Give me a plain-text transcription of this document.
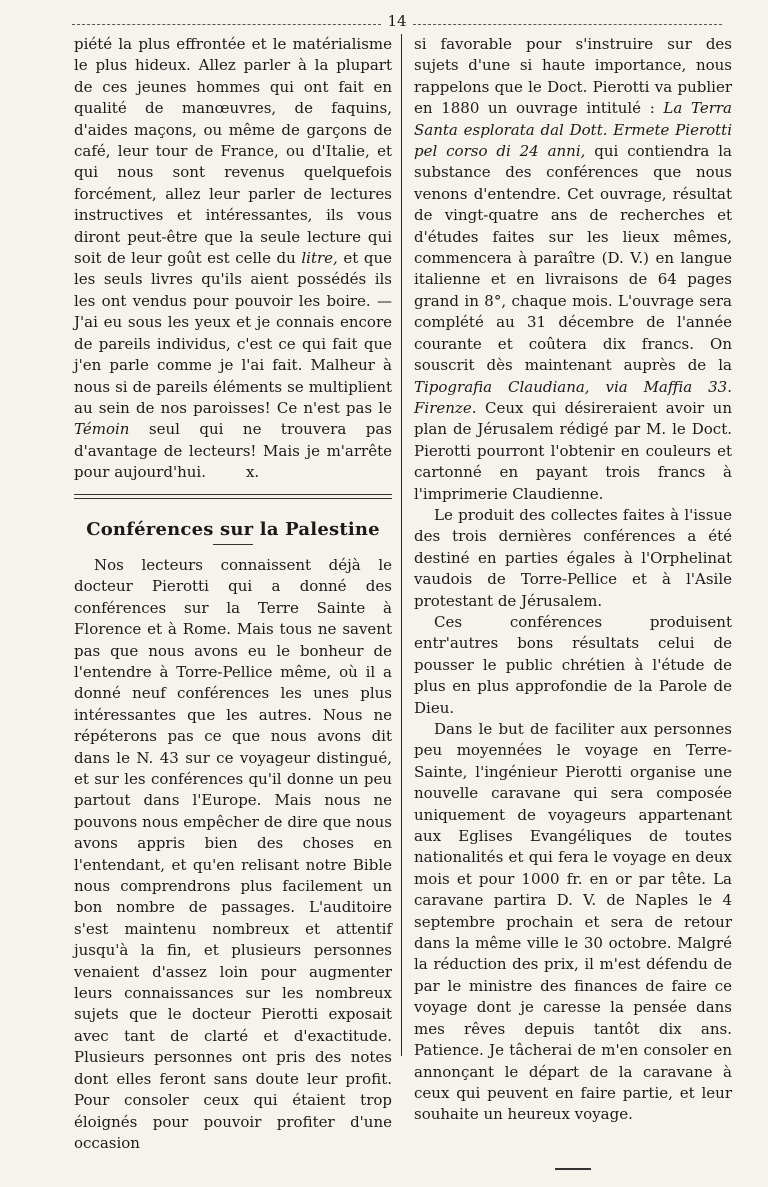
14

piété la plus effrontée et le matérialisme le plus hideux. Allez parler à la plupart de ces jeunes hommes qui ont fait en qualité de manœuvres, de faquins, d'aides maçons, ou même de garçons de café, leur tour de France, ou d'Italie, et qui nous sont revenus quelquefois forcément, allez leur parler de lectures instructives et intéressantes, ils vous diront peut-être que la seule lecture qui soit de leur goût est celle du litre, et que les seuls livres qu'ils aient possédés ils les ont vendus pour pouvoir les boire. — J'ai eu sous les yeux et je connais encore de pareils individus, c'est ce qui fait que j'en parle comme je l'ai fait. Malheur à nous si de pareils éléments se multiplient au sein de nos paroisses! Ce n'est pas le Témoin seul qui ne trouvera pas d'avantage de lecteurs! Mais je m'arrête pour aujourd'hui.	x.

Conférences sur la Palestine

Nos lecteurs connaissent déjà le docteur Pierotti qui a donné des conférences sur la Terre Sainte à Florence et à Rome. Mais tous ne savent pas que nous avons eu le bonheur de l'entendre à Torre-Pellice même, où il a donné neuf conférences les unes plus intéressantes que les autres. Nous ne répéterons pas ce que nous avons dit dans le N. 43 sur ce voyageur distingué, et sur les conférences qu'il donne un peu partout dans l'Europe. Mais nous ne pouvons nous empêcher de dire que nous avons appris bien des choses en l'entendant, et qu'en relisant notre Bible nous comprendrons plus facilement un bon nombre de passages. L'auditoire s'est maintenu nombreux et attentif jusqu'à la fin, et plusieurs personnes venaient d'assez loin pour augmenter leurs connaissances sur les nombreux sujets que le docteur Pierotti exposait avec tant de clarté et d'exactitude. Plusieurs personnes ont pris des notes dont elles feront sans doute leur profit. Pour consoler ceux qui étaient trop éloignés pour pouvoir profiter d'une occasion

si favorable pour s'instruire sur des sujets d'une si haute importance, nous rappelons que le Doct. Pierotti va publier en 1880 un ouvrage intitulé : La Terra Santa esplorata dal Dott. Ermete Pierotti pel corso di 24 anni, qui contiendra la substance des conférences que nous venons d'entendre. Cet ouvrage, résultat de vingt-quatre ans de recherches et d'études faites sur les lieux mêmes, commencera à paraître (D. V.) en langue italienne et en livraisons de 64 pages grand in 8°, chaque mois. L'ouvrage sera complété au 31 décembre de l'année courante et coûtera dix francs. On souscrit dès maintenant auprès de la Tipografia Claudiana, via Maffia 33. Firenze. Ceux qui désireraient avoir un plan de Jérusalem rédigé par M. le Doct. Pierotti pourront l'obtenir en couleurs et cartonné en payant trois francs à l'imprimerie Claudienne.

Le produit des collectes faites à l'issue des trois dernières conférences a été destiné en parties égales à l'Orphelinat vaudois de Torre-Pellice et à l'Asile protestant de Jérusalem.

Ces conférences produisent entr'autres bons résultats celui de pousser le public chrétien à l'étude de plus en plus approfondie de la Parole de Dieu.

Dans le but de faciliter aux personnes peu moyennées le voyage en Terre-Sainte, l'ingénieur Pierotti organise une nouvelle caravane qui sera composée uniquement de voyageurs appartenant aux Eglises Evangéliques de toutes nationalités et qui fera le voyage en deux mois et pour 1000 fr. en or par tête. La caravane partira D. V. de Naples le 4 septembre prochain et sera de retour dans la même ville le 30 octobre. Malgré la réduction des prix, il m'est défendu de par le ministre des finances de faire ce voyage dont je caresse la pensée dans mes rêves depuis tantôt dix ans. Patience. Je tâcherai de m'en consoler en annonçant le départ de la caravane à ceux qui peuvent en faire partie, et leur souhaite un heureux voyage.
